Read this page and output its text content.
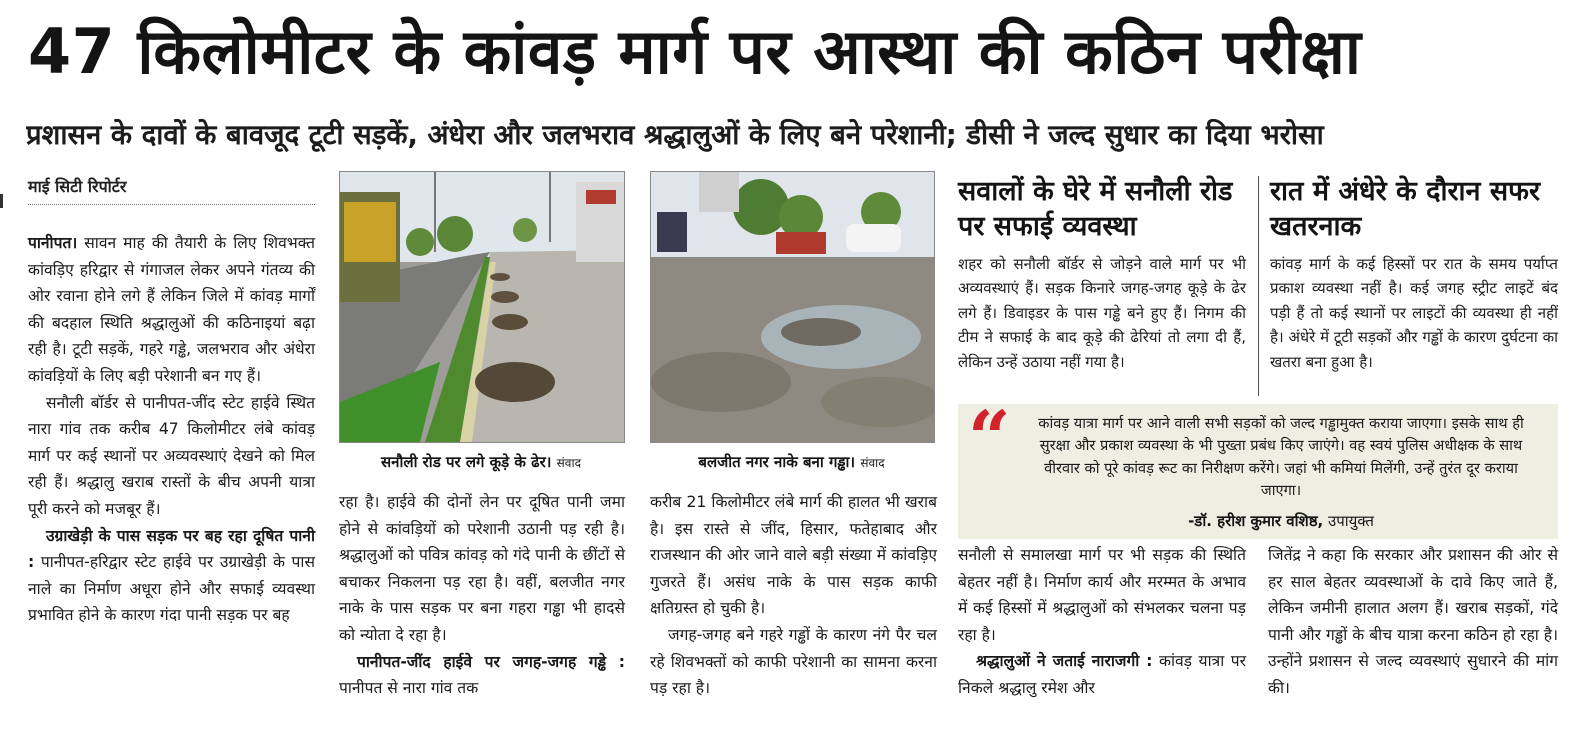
47 किलोमीटर के कांवड़ मार्ग पर आस्था की कठिन परीक्षा
प्रशासन के दावों के बावजूद टूटी सड़कें, अंधेरा और जलभराव श्रद्धालुओं के लिए बने परेशानी; डीसी ने जल्द सुधार का दिया भरोसा
माई सिटी रिपोर्टर

पानीपत। सावन माह की तैयारी के लिए शिवभक्त कांवड़िए हरिद्वार से गंगाजल लेकर अपने गंतव्य की ओर रवाना होने लगे हैं लेकिन जिले में कांवड़ मार्गों की बदहाल स्थिति श्रद्धालुओं की कठिनाइयां बढ़ा रही है। टूटी सड़कें, गहरे गड्ढे, जलभराव और अंधेरा कांवड़ियों के लिए बड़ी परेशानी बन गए हैं।

सनौली बॉर्डर से पानीपत-जींद स्टेट हाईवे स्थित नारा गांव तक करीब 47 किलोमीटर लंबे कांवड़ मार्ग पर कई स्थानों पर अव्यवस्थाएं देखने को मिल रही हैं। श्रद्धालु खराब रास्तों के बीच अपनी यात्रा पूरी करने को मजबूर हैं।

उग्राखेड़ी के पास सड़क पर बह रहा दूषित पानी : पानीपत-हरिद्वार स्टेट हाईवे पर उग्राखेड़ी के पास नाले का निर्माण अधूरा होने और सफाई व्यवस्था प्रभावित होने के कारण गंदा पानी सड़क पर बह

सनौली रोड पर लगे कूड़े के ढेर। संवाद	बलजीत नगर नाके बना गड्ढा। संवाद

रहा है। हाईवे की दोनों लेन पर दूषित पानी जमा होने से कांवड़ियों को परेशानी उठानी पड़ रही है। श्रद्धालुओं को पवित्र कांवड़ को गंदे पानी के छींटों से बचाकर निकलना पड़ रहा है। वहीं, बलजीत नगर नाके के पास सड़क पर बना गहरा गड्ढा भी हादसे को न्योता दे रहा है।

पानीपत-जींद हाईवे पर जगह-जगह गड्ढे : पानीपत से नारा गांव तक

करीब 21 किलोमीटर लंबे मार्ग की हालत भी खराब है। इस रास्ते से जींद, हिसार, फतेहाबाद और राजस्थान की ओर जाने वाले बड़ी संख्या में कांवड़िए गुजरते हैं। असंध नाके के पास सड़क काफी क्षतिग्रस्त हो चुकी है।

जगह-जगह बने गहरे गड्ढों के कारण नंगे पैर चल रहे शिवभक्तों को काफी परेशानी का सामना करना पड़ रहा है।

सवालों के घेरे में सनौली रोड पर सफाई व्यवस्था
शहर को सनौली बॉर्डर से जोड़ने वाले मार्ग पर भी अव्यवस्थाएं हैं। सड़क किनारे जगह-जगह कूड़े के ढेर लगे हैं। डिवाइडर के पास गड्ढे बने हुए हैं। निगम की टीम ने सफाई के बाद कूड़े की ढेरियां तो लगा दी हैं, लेकिन उन्हें उठाया नहीं गया है।
रात में अंधेरे के दौरान सफर खतरनाक
कांवड़ मार्ग के कई हिस्सों पर रात के समय पर्याप्त प्रकाश व्यवस्था नहीं है। कई जगह स्ट्रीट लाइटें बंद पड़ी हैं तो कई स्थानों पर लाइटों की व्यवस्था ही नहीं है। अंधेरे में टूटी सड़कों और गड्ढों के कारण दुर्घटना का खतरा बना हुआ है।
“	कांवड़ यात्रा मार्ग पर आने वाली सभी सड़कों को जल्द गड्ढामुक्त कराया जाएगा। इसके साथ ही सुरक्षा और प्रकाश व्यवस्था के भी पुख्ता प्रबंध किए जाएंगे। वह स्वयं पुलिस अधीक्षक के साथ वीरवार को पूरे कांवड़ रूट का निरीक्षण करेंगे। जहां भी कमियां मिलेंगी, उन्हें तुरंत दूर कराया जाएगा।
-डॉ. हरीश कुमार वशिष्ठ, उपायुक्त

सनौली से समालखा मार्ग पर भी सड़क की स्थिति बेहतर नहीं है। निर्माण कार्य और मरम्मत के अभाव में कई हिस्सों में श्रद्धालुओं को संभलकर चलना पड़ रहा है।

श्रद्धालुओं ने जताई नाराजगी : कांवड़ यात्रा पर निकले श्रद्धालु रमेश और

जितेंद्र ने कहा कि सरकार और प्रशासन की ओर से हर साल बेहतर व्यवस्थाओं के दावे किए जाते हैं, लेकिन जमीनी हालात अलग हैं। खराब सड़कों, गंदे पानी और गड्ढों के बीच यात्रा करना कठिन हो रहा है। उन्होंने प्रशासन से जल्द व्यवस्थाएं सुधारने की मांग की।
